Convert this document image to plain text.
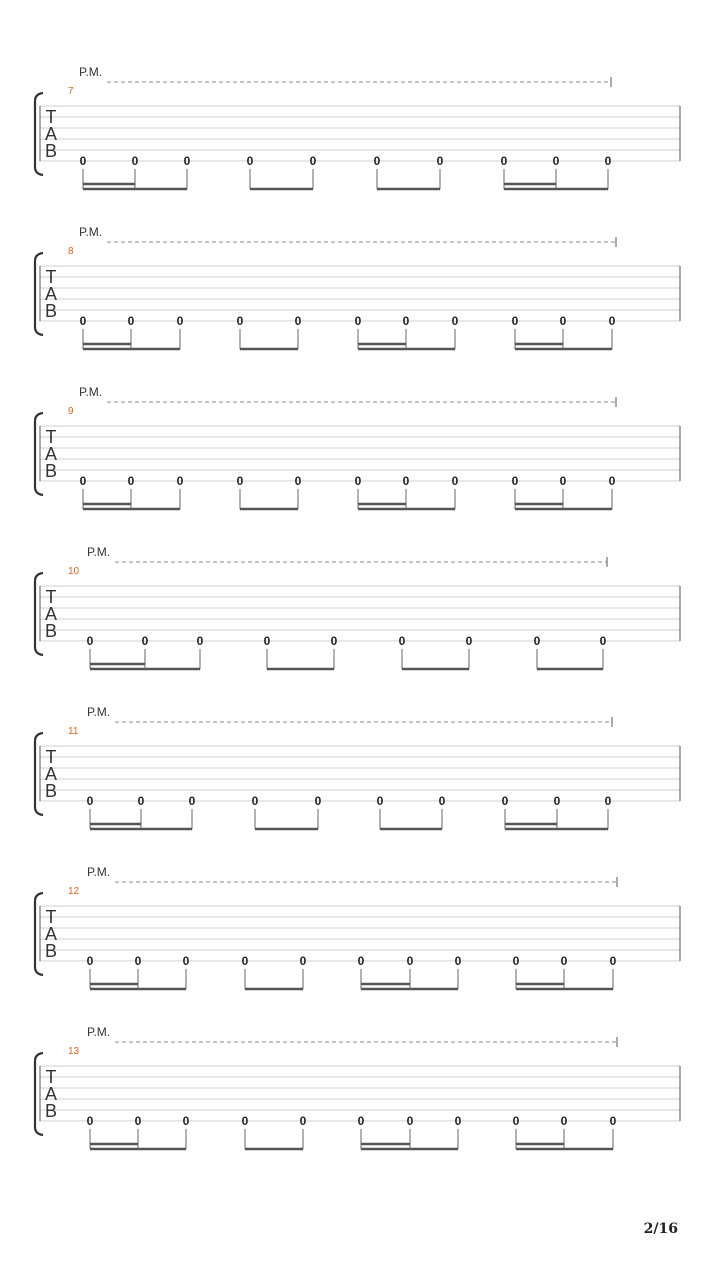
P.M.
7
T
A
B 0	0	0	0	0	0	0	0	0	0
P.M.
8
T
A
B 0	0	0	0	0	0	0	0	0	0	0
P.M.
9
T
A
B 0	0	0	0	0	0	0	0	0	0	0
P.M.
10
T
A
B 0	0	0	0	0	0	0	0	0
P.M.
11
T
A
B 0	0	0	0	0	0	0	0	0	0
P.M.
12
T
A
B 0	0	0	0	0	0	0	0	0	0	0
P.M.
13
T
A
B 0	0	0	0	0	0	0	0	0	0	0
2/16
